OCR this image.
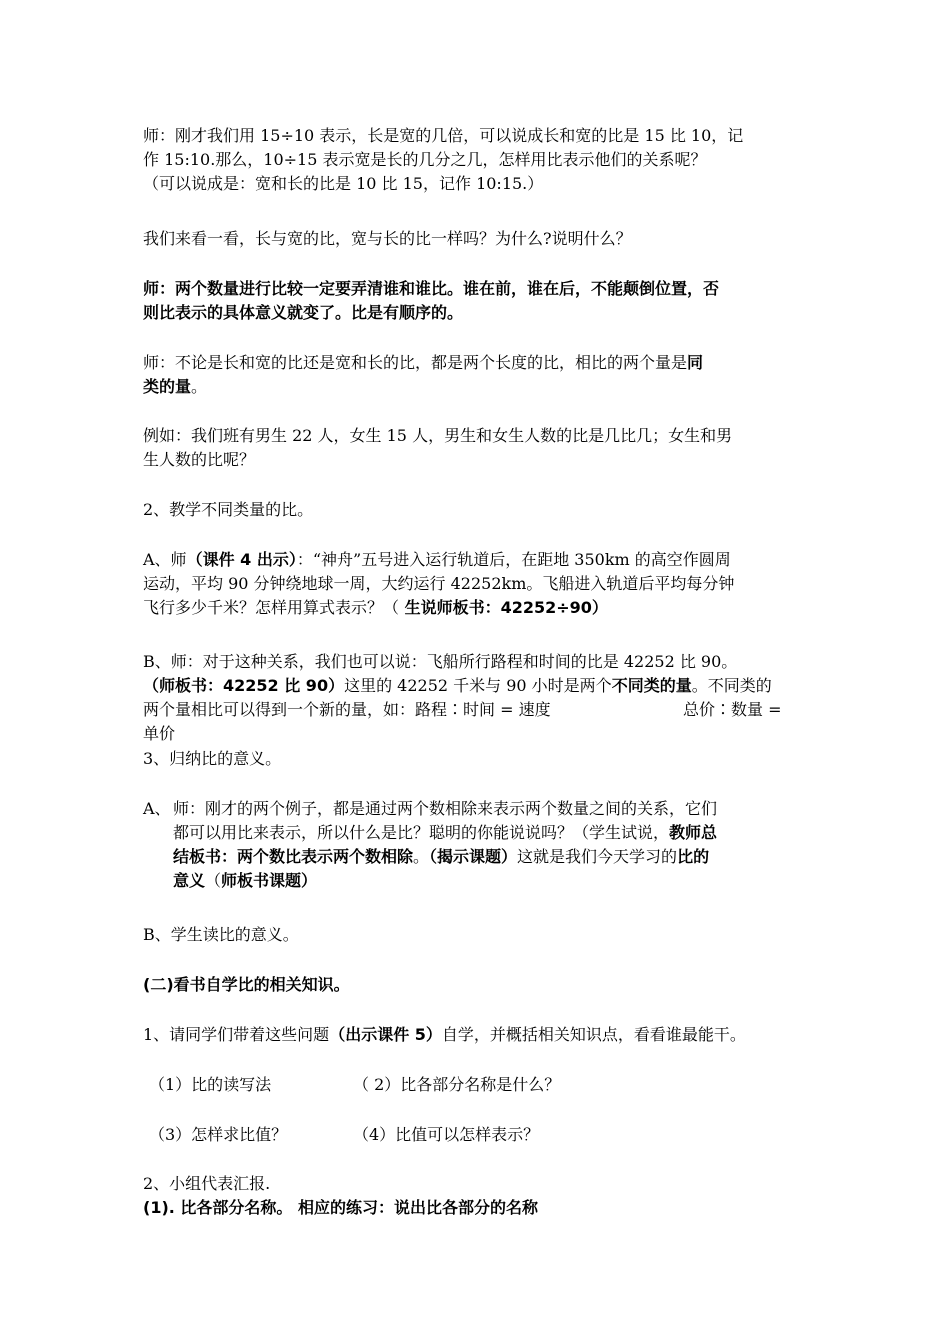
师：刚才我们用 15÷10 表示，长是宽的几倍，可以说成长和宽的比是 15 比 10，记
作 15:10.那么，10÷15 表示宽是长的几分之几，怎样用比表示他们的关系呢？
（可以说成是：宽和长的比是 10 比 15，记作 10:15.）
我们来看一看，长与宽的比，宽与长的比一样吗？为什么?说明什么？
师：两个数量进行比较一定要弄清谁和谁比。谁在前，谁在后，不能颠倒位置，否
则比表示的具体意义就变了。比是有顺序的。
师：不论是长和宽的比还是宽和长的比，都是两个长度的比，相比的两个量是同
类的量。
例如：我们班有男生 22 人，女生 15 人，男生和女生人数的比是几比几；女生和男
生人数的比呢？
2、教学不同类量的比。
A、师（课件 4 出示）：“神舟”五号进入运行轨道后，在距地 350km 的高空作圆周
运动，平均 90 分钟绕地球一周，大约运行 42252km。飞船进入轨道后平均每分钟
飞行多少千米？怎样用算式表示？（ 生说师板书：42252÷90）
B、师：对于这种关系，我们也可以说：飞船所行路程和时间的比是 42252 比 90。
（师板书：42252 比 90）这里的 42252 千米与 90 小时是两个不同类的量。不同类的
两个量相比可以得到一个新的量，如：路程∶时间 = 速度	总价∶数量 =
单价
3、归纳比的意义。
A、 师：刚才的两个例子，都是通过两个数相除来表示两个数量之间的关系，它们
都可以用比来表示，所以什么是比？聪明的你能说说吗？（学生试说，教师总
结板书：两个数比表示两个数相除。（揭示课题）这就是我们今天学习的比的
意义（师板书课题）
B、学生读比的意义。
(二)看书自学比的相关知识。
1、请同学们带着这些问题（出示课件 5）自学，并概括相关知识点，看看谁最能干。
（1）比的读写法	（ 2）比各部分名称是什么？
（3）怎样求比值？	（4）比值可以怎样表示？
2、小组代表汇报.
(1). 比各部分名称。 相应的练习：说出比各部分的名称
